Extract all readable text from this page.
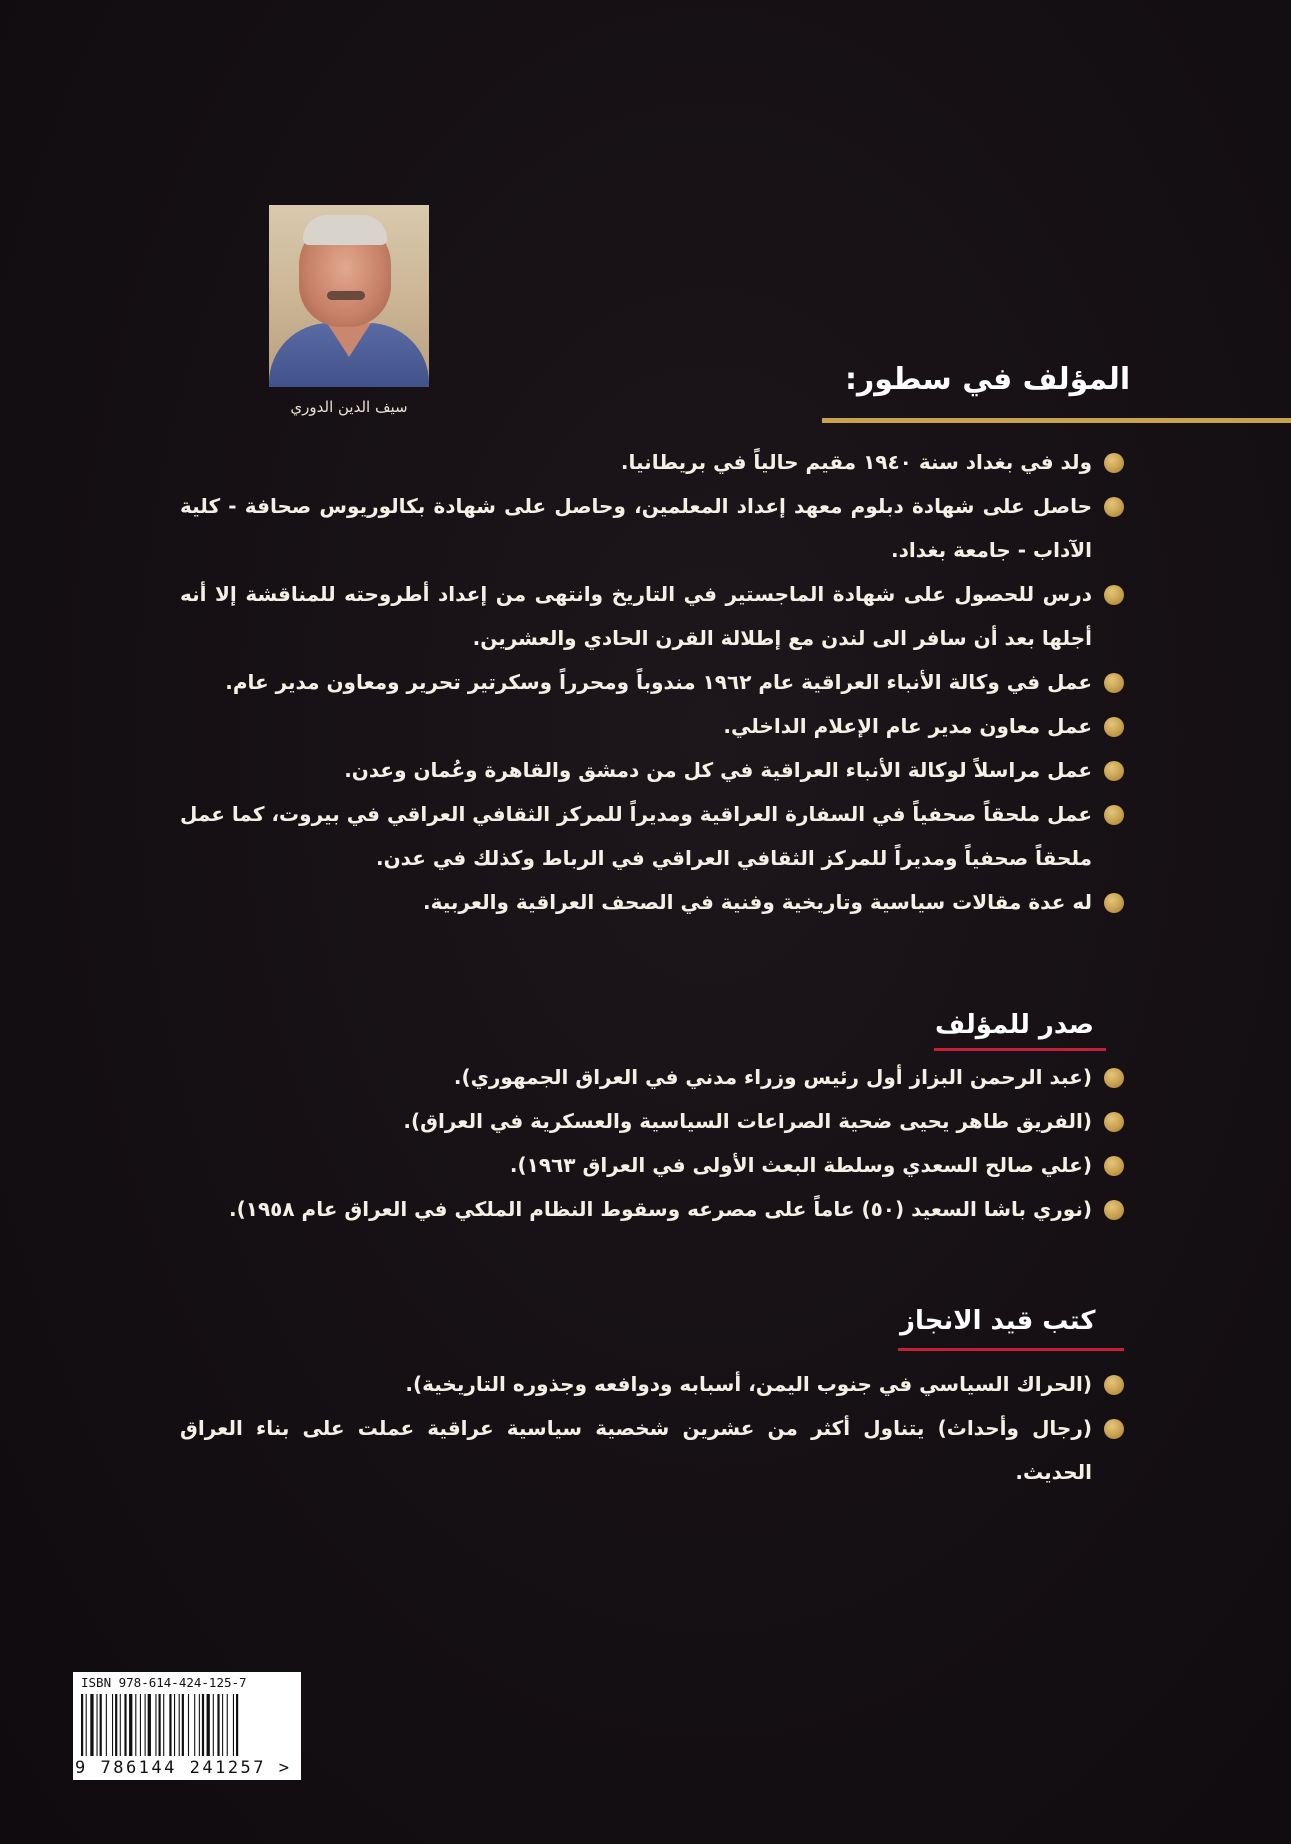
سيف الدين الدوري
المؤلف في سطور:
ولد في بغداد سنة ١٩٤٠ مقيم حالياً في بريطانيا.
حاصل على شهادة دبلوم معهد إعداد المعلمين، وحاصل على شهادة بكالوريوس صحافة - كلية الآداب - جامعة بغداد.
درس للحصول على شهادة الماجستير في التاريخ وانتهى من إعداد أطروحته للمناقشة إلا أنه أجلها بعد أن سافر الى لندن مع إطلالة القرن الحادي والعشرين.
عمل في وكالة الأنباء العراقية عام ١٩٦٢ مندوباً ومحرراً وسكرتير تحرير ومعاون مدير عام.
عمل معاون مدير عام الإعلام الداخلي.
عمل مراسلاً لوكالة الأنباء العراقية في كل من دمشق والقاهرة وعُمان وعدن.
عمل ملحقاً صحفياً في السفارة العراقية ومديراً للمركز الثقافي العراقي في بيروت، كما عمل ملحقاً صحفياً ومديراً للمركز الثقافي العراقي في الرباط وكذلك في عدن.
له عدة مقالات سياسية وتاريخية وفنية في الصحف العراقية والعربية.
صدر للمؤلف
(عبد الرحمن البزاز أول رئيس وزراء مدني في العراق الجمهوري).
(الفريق طاهر يحيى ضحية الصراعات السياسية والعسكرية في العراق).
(علي صالح السعدي وسلطة البعث الأولى في العراق ١٩٦٣).
(نوري باشا السعيد (٥٠) عاماً على مصرعه وسقوط النظام الملكي في العراق عام ١٩٥٨).
كتب قيد الانجاز
(الحراك السياسي في جنوب اليمن، أسبابه ودوافعه وجذوره التاريخية).
(رجال وأحداث) يتناول أكثر من عشرين شخصية سياسية عراقية عملت على بناء العراق الحديث.
ISBN 978-614-424-125-7
9 786144 241257 >
